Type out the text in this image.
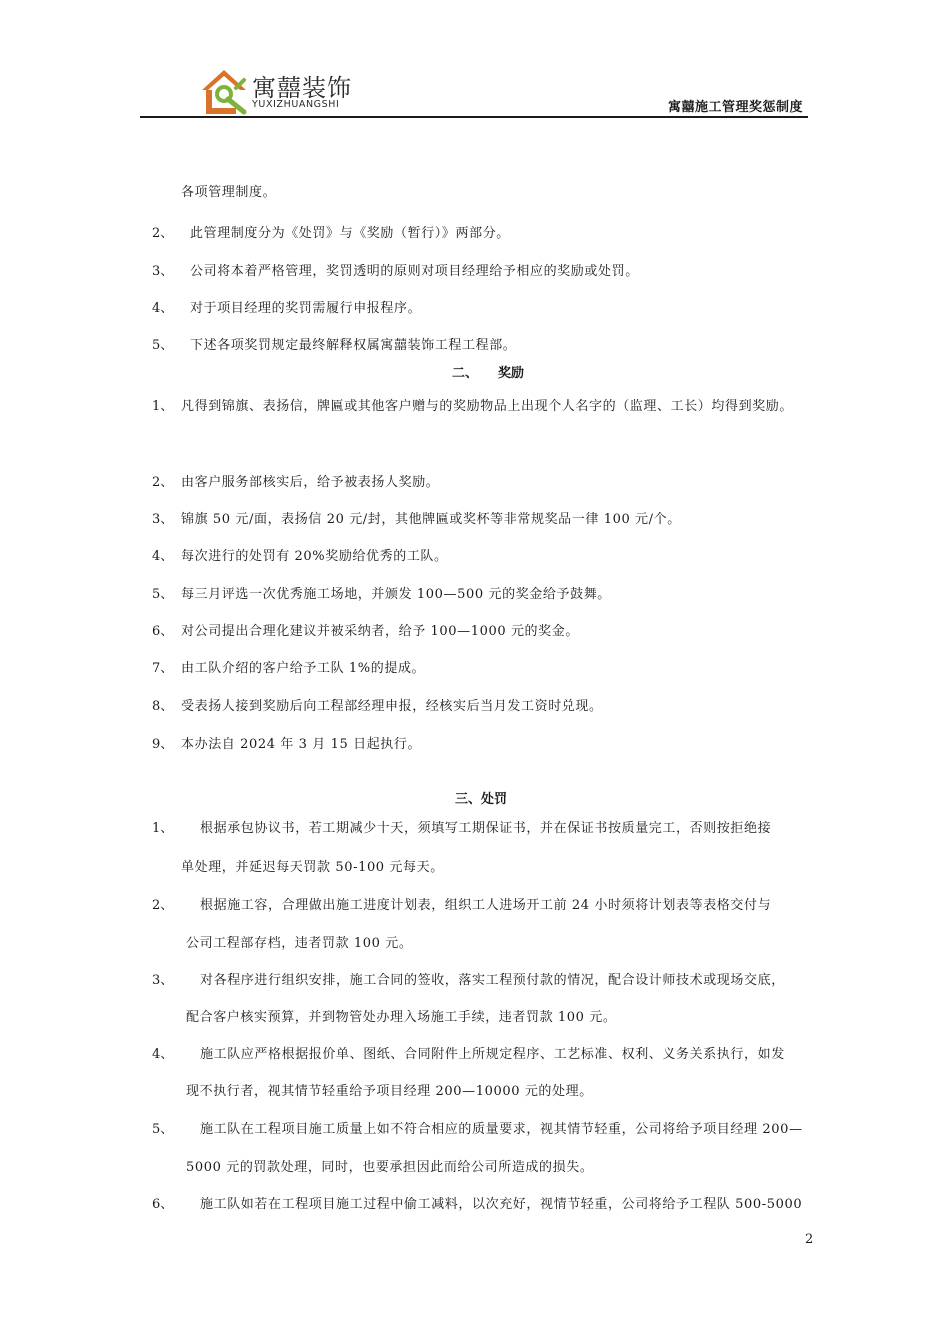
寓囍装饰
YUXIZHUANGSHI	寓囍施工管理奖惩制度
各项管理制度。
2、 此管理制度分为《处罚》与《奖励（暂行）》两部分。
3、 公司将本着严格管理，奖罚透明的原则对项目经理给予相应的奖励或处罚。
4、 对于项目经理的奖罚需履行申报程序。
5、 下述各项奖罚规定最终解释权属寓囍装饰工程工程部。
二、 奖励
1、 凡得到锦旗、表扬信，牌匾或其他客户赠与的奖励物品上出现个人名字的（监理、工长）均得到奖励。
2、 由客户服务部核实后，给予被表扬人奖励。
3、 锦旗 50 元/面，表扬信 20 元/封，其他牌匾或奖杯等非常规奖品一律 100 元/个。
4、 每次进行的处罚有 20%奖励给优秀的工队。
5、 每三月评选一次优秀施工场地，并颁发 100—500 元的奖金给予鼓舞。
6、 对公司提出合理化建议并被采纳者，给予 100—1000 元的奖金。
7、 由工队介绍的客户给予工队 1%的提成。
8、 受表扬人接到奖励后向工程部经理申报，经核实后当月发工资时兑现。
9、 本办法自 2024 年 3 月 15 日起执行。
三、处罚
1、 根据承包协议书，若工期减少十天，须填写工期保证书，并在保证书按质量完工，否则按拒绝接
单处理，并延迟每天罚款 50-100 元每天。
2、 根据施工容，合理做出施工进度计划表，组织工人进场开工前 24 小时须将计划表等表格交付与
公司工程部存档，违者罚款 100 元。
3、 对各程序进行组织安排，施工合同的签收，落实工程预付款的情况，配合设计师技术或现场交底，
配合客户核实预算，并到物管处办理入场施工手续，违者罚款 100 元。
4、 施工队应严格根据报价单、图纸、合同附件上所规定程序、工艺标准、权利、义务关系执行，如发
现不执行者，视其情节轻重给予项目经理 200—10000 元的处理。
5、 施工队在工程项目施工质量上如不符合相应的质量要求，视其情节轻重，公司将给予项目经理 200—
5000 元的罚款处理，同时，也要承担因此而给公司所造成的损失。
6、 施工队如若在工程项目施工过程中偷工减料，以次充好，视情节轻重，公司将给予工程队 500-5000
2
